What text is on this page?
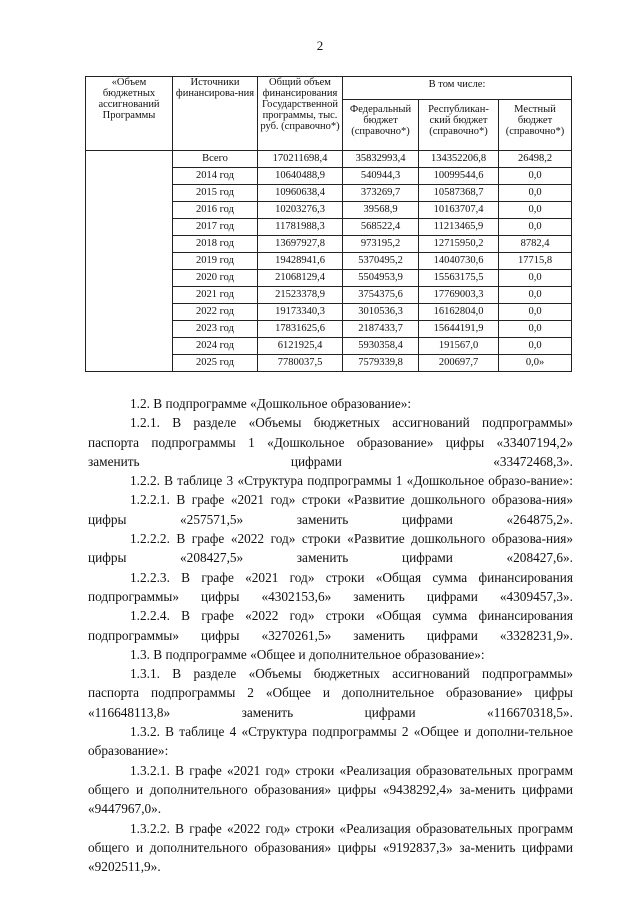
2
«Объем бюджетных ассигнований Программы	Источники финансирова-ния	Общий объем финансирования Государственной программы, тыс. руб. (справочно*)	В том числе:		
			Федеральный бюджет (справочно*)	Республикан-ский бюджет (справочно*)	Местный бюджет (справочно*)
	Всего	170211698,4	35832993,4	134352206,8	26498,2
	2014 год	10640488,9	540944,3	10099544,6	0,0
	2015 год	10960638,4	373269,7	10587368,7	0,0
	2016 год	10203276,3	39568,9	10163707,4	0,0
	2017 год	11781988,3	568522,4	11213465,9	0,0
	2018 год	13697927,8	973195,2	12715950,2	8782,4
	2019 год	19428941,6	5370495,2	14040730,6	17715,8
	2020 год	21068129,4	5504953,9	15563175,5	0,0
	2021 год	21523378,9	3754375,6	17769003,3	0,0
	2022 год	19173340,3	3010536,3	16162804,0	0,0
	2023 год	17831625,6	2187433,7	15644191,9	0,0
	2024 год	6121925,4	5930358,4	191567,0	0,0
	2025 год	7780037,5	7579339,8	200697,7	0,0»

1.2. В подпрограмме «Дошкольное образование»:

1.2.1. В разделе «Объемы бюджетных ассигнований подпрограммы» паспорта подпрограммы 1 «Дошкольное образование» цифры «33407194,2» заменить цифрами «33472468,3».

1.2.2. В таблице 3 «Структура подпрограммы 1 «Дошкольное образо-вание»:

1.2.2.1. В графе «2021 год» строки «Развитие дошкольного образова-ния» цифры «257571,5» заменить цифрами «264875,2».

1.2.2.2. В графе «2022 год» строки «Развитие дошкольного образова-ния» цифры «208427,5» заменить цифрами «208427,6».

1.2.2.3. В графе «2021 год» строки «Общая сумма финансирования подпрограммы» цифры «4302153,6» заменить цифрами «4309457,3».

1.2.2.4. В графе «2022 год» строки «Общая сумма финансирования подпрограммы» цифры «3270261,5» заменить цифрами «3328231,9».

1.3. В подпрограмме «Общее и дополнительное образование»:

1.3.1. В разделе «Объемы бюджетных ассигнований подпрограммы» паспорта подпрограммы 2 «Общее и дополнительное образование» цифры «116648113,8» заменить цифрами «116670318,5».

1.3.2. В таблице 4 «Структура подпрограммы 2 «Общее и дополни-тельное образование»:

1.3.2.1. В графе «2021 год» строки «Реализация образовательных программ общего и дополнительного образования» цифры «9438292,4» за-менить цифрами «9447967,0».

1.3.2.2. В графе «2022 год» строки «Реализация образовательных программ общего и дополнительного образования» цифры «9192837,3» за-менить цифрами «9202511,9».
